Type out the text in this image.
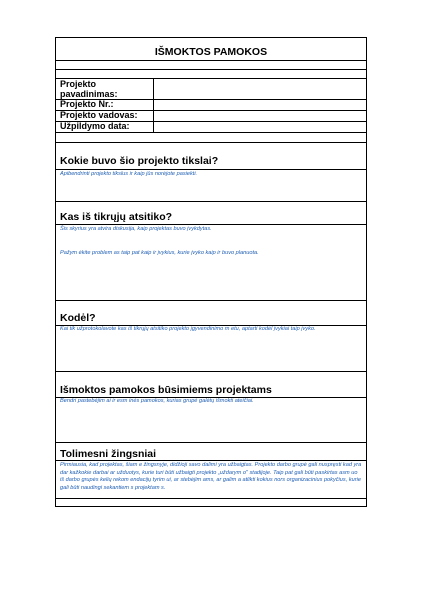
IŠMOKTOS PAMOKOS
Projekto pavadinimas:
Projekto Nr.:
Projekto vadovas:
Užpildymo data:
Kokie buvo šio projekto tikslai?
Apibendrinti projekto tikslus ir kaip jūs norėjote pasiekti.
Kas iš tikrųjų atsitiko?
Šis skyrius yra atvira diskusija, kaip projektas buvo įvykdytas.
Pažym ėkite problem as taip pat kaip ir įvykius, kurie įvyko kaip ir buvo planuota.
Kodėl?
Kai tik užprotokolavote kas iš tikrųjų atsitiko projekto įgyvendinimo m etu, aptarti kodėl įvykiai taip įvyko.
Išmoktos pamokos būsimiems projektams
Bendri pastebėjim ai ir esm inės pamokos, kurias grupė galėtų išmokti ateičiai.
Tolimesni žingsniai
Pirmiausia, kad projektas, šiam e žingsnyje, didžioji savo dalimi yra užbaigtas. Projekto darbo grupė gali nuspręsti kad yra dar kažkokie darbai ar užduotys, kurie turi būti užbaigti projekto „uždarym o" stadijoje. Taip pat gali būti paskirtas asm uo iš darbo grupės kelių rekom endacijų tyrim ui, ar stebėjim ams, ar galim a atlikti kokius nors organizacinius pokyčius, kurie gali būti naudingi sekantiem s projektam s.
